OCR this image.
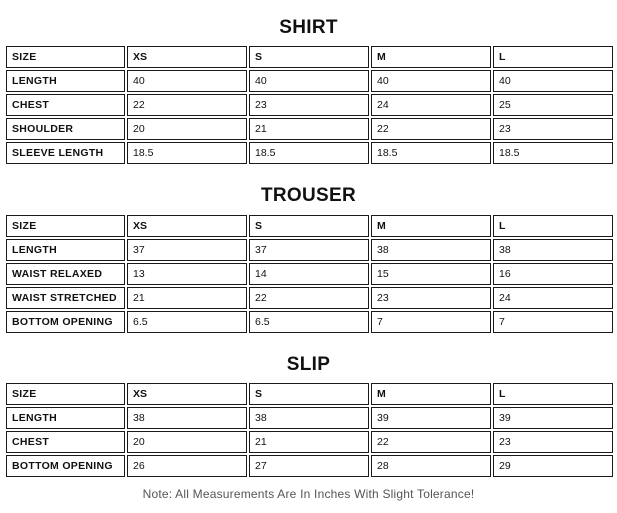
SHIRT
SIZE	XS	S	M	L
LENGTH	40	40	40	40
CHEST	22	23	24	25
SHOULDER	20	21	22	23
SLEEVE LENGTH	18.5	18.5	18.5	18.5
TROUSER
SIZE	XS	S	M	L
LENGTH	37	37	38	38
WAIST RELAXED	13	14	15	16
WAIST STRETCHED	21	22	23	24
BOTTOM OPENING	6.5	6.5	7	7
SLIP
SIZE	XS	S	M	L
LENGTH	38	38	39	39
CHEST	20	21	22	23
BOTTOM OPENING	26	27	28	29
Note: All Measurements Are In Inches With Slight Tolerance!
